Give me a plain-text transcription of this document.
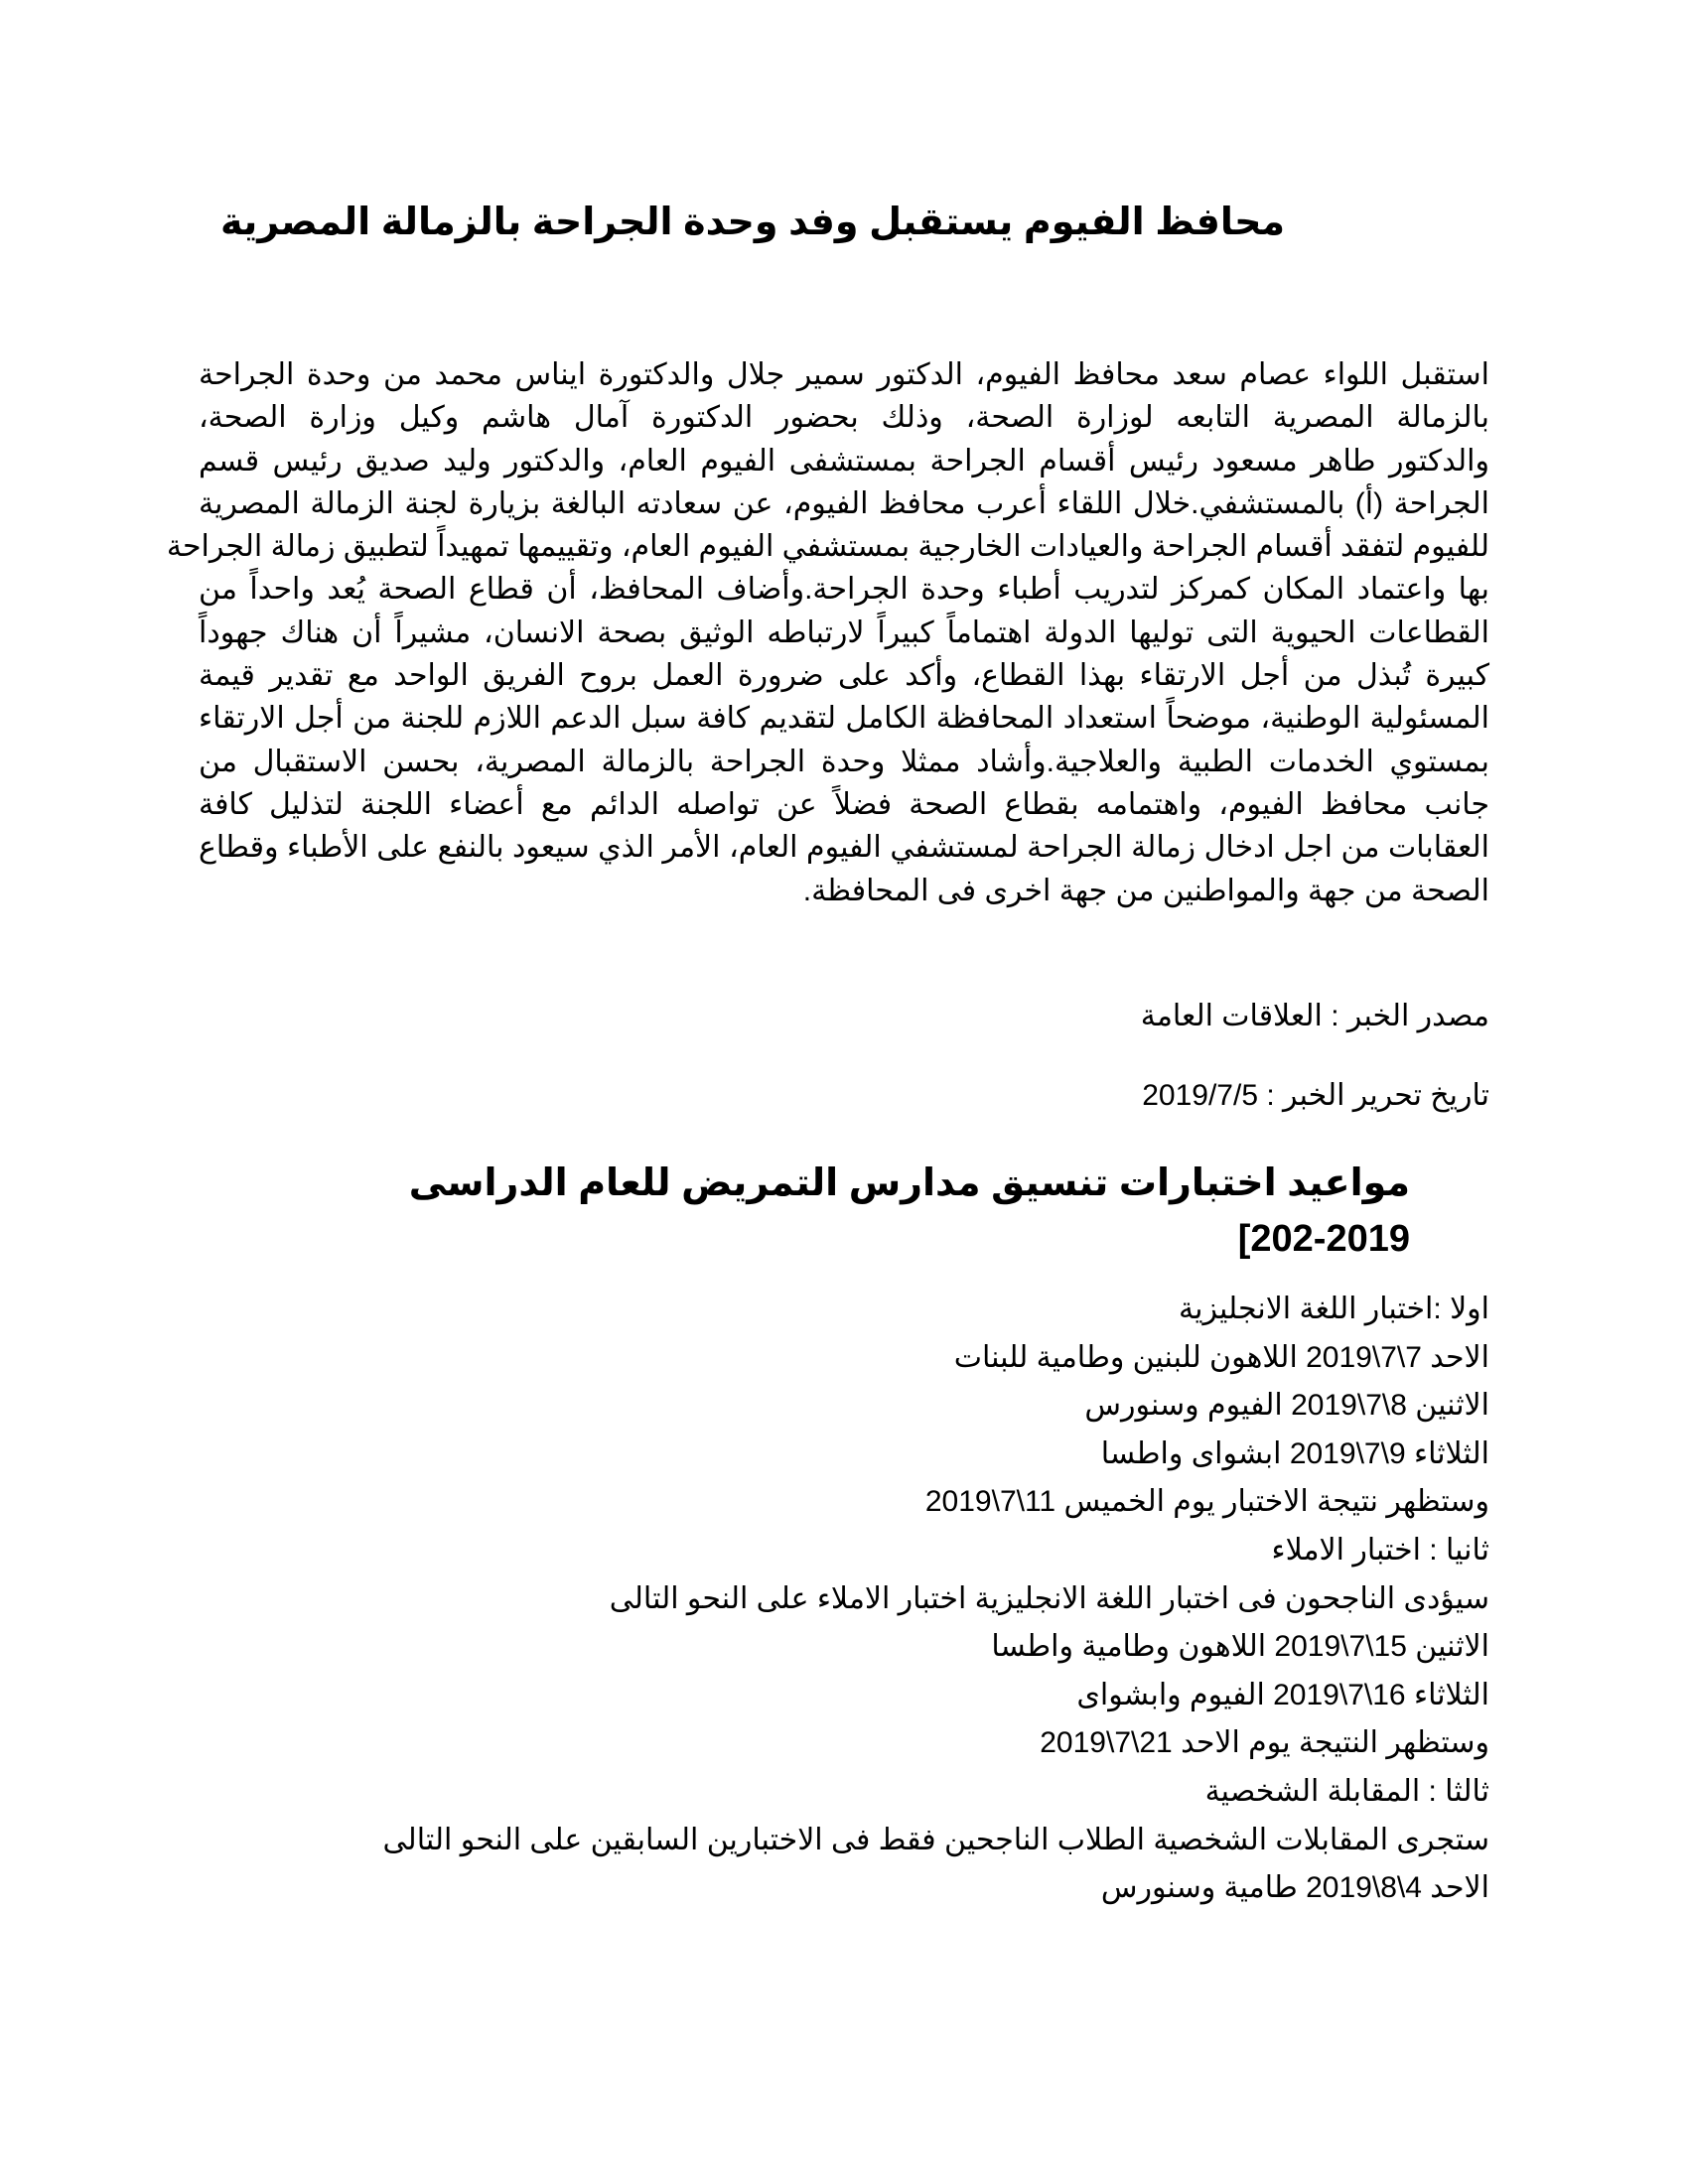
محافظ الفيوم يستقبل وفد وحدة الجراحة بالزمالة المصرية
استقبل اللواء عصام سعد محافظ الفيوم، الدكتور سمير جلال والدكتورة ايناس محمد من وحدة الجراحة
بالزمالة المصرية التابعه لوزارة الصحة، وذلك بحضور الدكتورة آمال هاشم وكيل وزارة الصحة،
والدكتور طاهر مسعود رئيس أقسام الجراحة بمستشفى الفيوم العام، والدكتور وليد صديق رئيس قسم
الجراحة (أ) بالمستشفي.خلال اللقاء أعرب محافظ الفيوم، عن سعادته البالغة بزيارة لجنة الزمالة المصرية
للفيوم لتفقد أقسام الجراحة والعيادات الخارجية بمستشفي الفيوم العام، وتقييمها تمهيداً لتطبيق زمالة الجراحة
بها واعتماد المكان كمركز لتدريب أطباء وحدة الجراحة.وأضاف المحافظ، أن قطاع الصحة يُعد واحداً من
القطاعات الحيوية التى توليها الدولة اهتماماً كبيراً لارتباطه الوثيق بصحة الانسان، مشيراً أن هناك جهوداً
كبيرة تُبذل من أجل الارتقاء بهذا القطاع، وأكد على ضرورة العمل بروح الفريق الواحد مع تقدير قيمة
المسئولية الوطنية، موضحاً استعداد المحافظة الكامل لتقديم كافة سبل الدعم اللازم للجنة من أجل الارتقاء
بمستوي الخدمات الطبية والعلاجية.وأشاد ممثلا وحدة الجراحة بالزمالة المصرية، بحسن الاستقبال من
جانب محافظ الفيوم، واهتمامه بقطاع الصحة فضلاً عن تواصله الدائم مع أعضاء اللجنة لتذليل كافة
العقابات من اجل ادخال زمالة الجراحة لمستشفي الفيوم العام، الأمر الذي سيعود بالنفع على الأطباء وقطاع
الصحة من جهة والمواطنين من جهة اخرى فى المحافظة.
مصدر الخبر : العلاقات العامة
تاريخ تحرير الخبر : 2019/7/5
مواعيد اختبارات تنسيق مدارس التمريض للعام الدراسى 2019-202]
اولا :اختبار اللغة الانجليزية
الاحد 7\7\2019 اللاهون للبنين وطامية للبنات
الاثنين 8\7\2019 الفيوم وسنورس
الثلاثاء 9\7\2019 ابشواى واطسا
وستظهر نتيجة الاختبار يوم الخميس 11\7\2019
ثانيا : اختبار الاملاء
سيؤدى الناجحون فى اختبار اللغة الانجليزية اختبار الاملاء على النحو التالى
الاثنين 15\7\2019 اللاهون وطامية واطسا
الثلاثاء 16\7\2019 الفيوم وابشواى
وستظهر النتيجة يوم الاحد 21\7\2019
ثالثا : المقابلة الشخصية
ستجرى المقابلات الشخصية الطلاب الناجحين فقط فى الاختبارين السابقين على النحو التالى
الاحد 4\8\2019 طامية وسنورس
